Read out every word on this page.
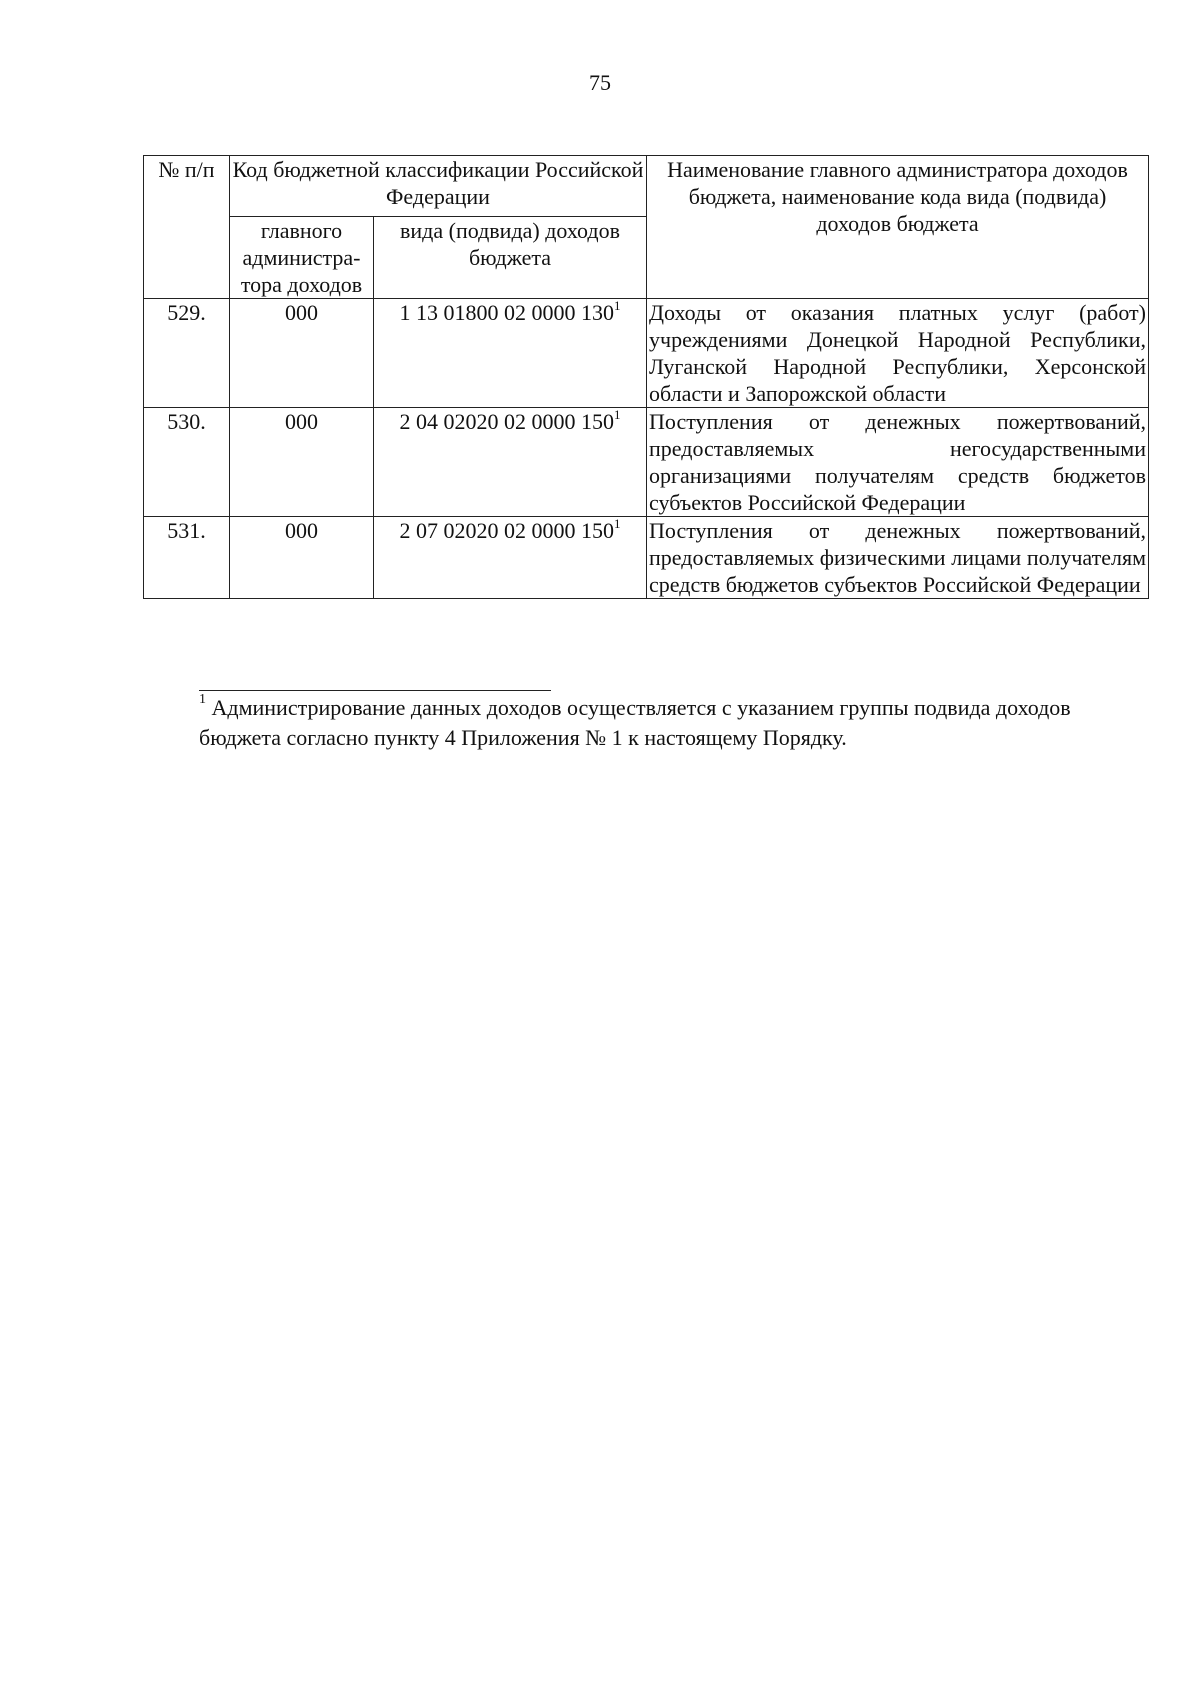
75
№ п/п	Код бюджетной классификации Российской Федерации		Наименование главного администратора доходов бюджета, наименование кода вида (подвида) доходов бюджета
	главного администра-тора доходов	вида (подвида) доходов бюджета	
529.	000	1 13 01800 02 0000 $130^1$	Доходы от оказания платных услуг (работ) учреждениями Донецкой Народной Республики, Луганской Народной Республики, Херсонской области и Запорожской области
530.	000	2 04 02020 02 0000 $150^1$	Поступления от денежных пожертвований, предоставляемых негосударственными организациями получателям средств бюджетов субъектов Российской Федерации
531.	000	2 07 02020 02 0000 $150^1$	Поступления от денежных пожертвований, предоставляемых физическими лицами получателям средств бюджетов субъектов Российской Федерации
$^1$ Администрирование данных доходов осуществляется с указанием группы подвида доходов бюджета согласно пункту 4 Приложения № 1 к настоящему Порядку.
